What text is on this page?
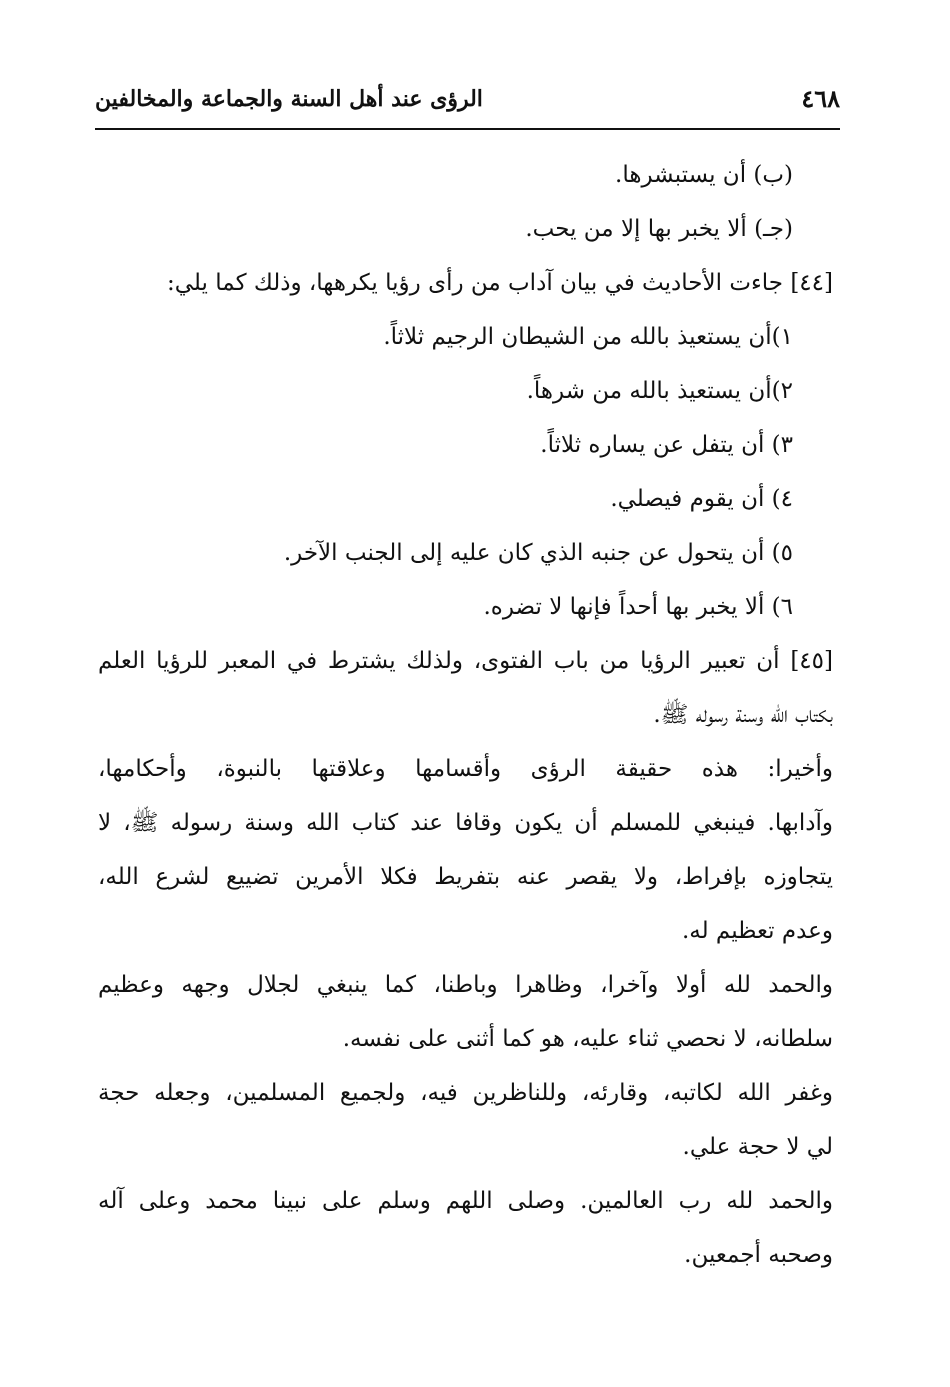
الرؤى عند أهل السنة والجماعة والمخالفين	٤٦٨
(ب) أن يستبشرها.
(جـ) ألا يخبر بها إلا من يحب.
[٤٤] جاءت الأحاديث في بيان آداب من رأى رؤيا يكرهها، وذلك كما يلي:
١)أن يستعيذ بالله من الشيطان الرجيم ثلاثاً.
٢)أن يستعيذ بالله من شرهاً.
٣) أن يتفل عن يساره ثلاثاً.
٤) أن يقوم فيصلي.
٥) أن يتحول عن جنبه الذي كان عليه إلى الجنب الآخر.
٦) ألا يخبر بها أحداً فإنها لا تضره.
[٤٥] أن تعبير الرؤيا من باب الفتوى، ولذلك يشترط في المعبر للرؤيا العلم
بكتاب الله وسنة رسوله ﷺ.
وأخيرا: هذه حقيقة الرؤى وأقسامها وعلاقتها بالنبوة، وأحكامها،
وآدابها. فينبغي للمسلم أن يكون وقافا عند كتاب الله وسنة رسوله ﷺ، لا
يتجاوزه بإفراط، ولا يقصر عنه بتفريط فكلا الأمرين تضييع لشرع الله،
وعدم تعظيم له.
والحمد لله أولا وآخرا، وظاهرا وباطنا، كما ينبغي لجلال وجهه وعظيم
سلطانه، لا نحصي ثناء عليه، هو كما أثنى على نفسه.
وغفر الله لكاتبه، وقارئه، وللناظرين فيه، ولجميع المسلمين، وجعله حجة
لي لا حجة علي.
والحمد لله رب العالمين. وصلى اللهم وسلم على نبينا محمد وعلى آله
وصحبه أجمعين.
